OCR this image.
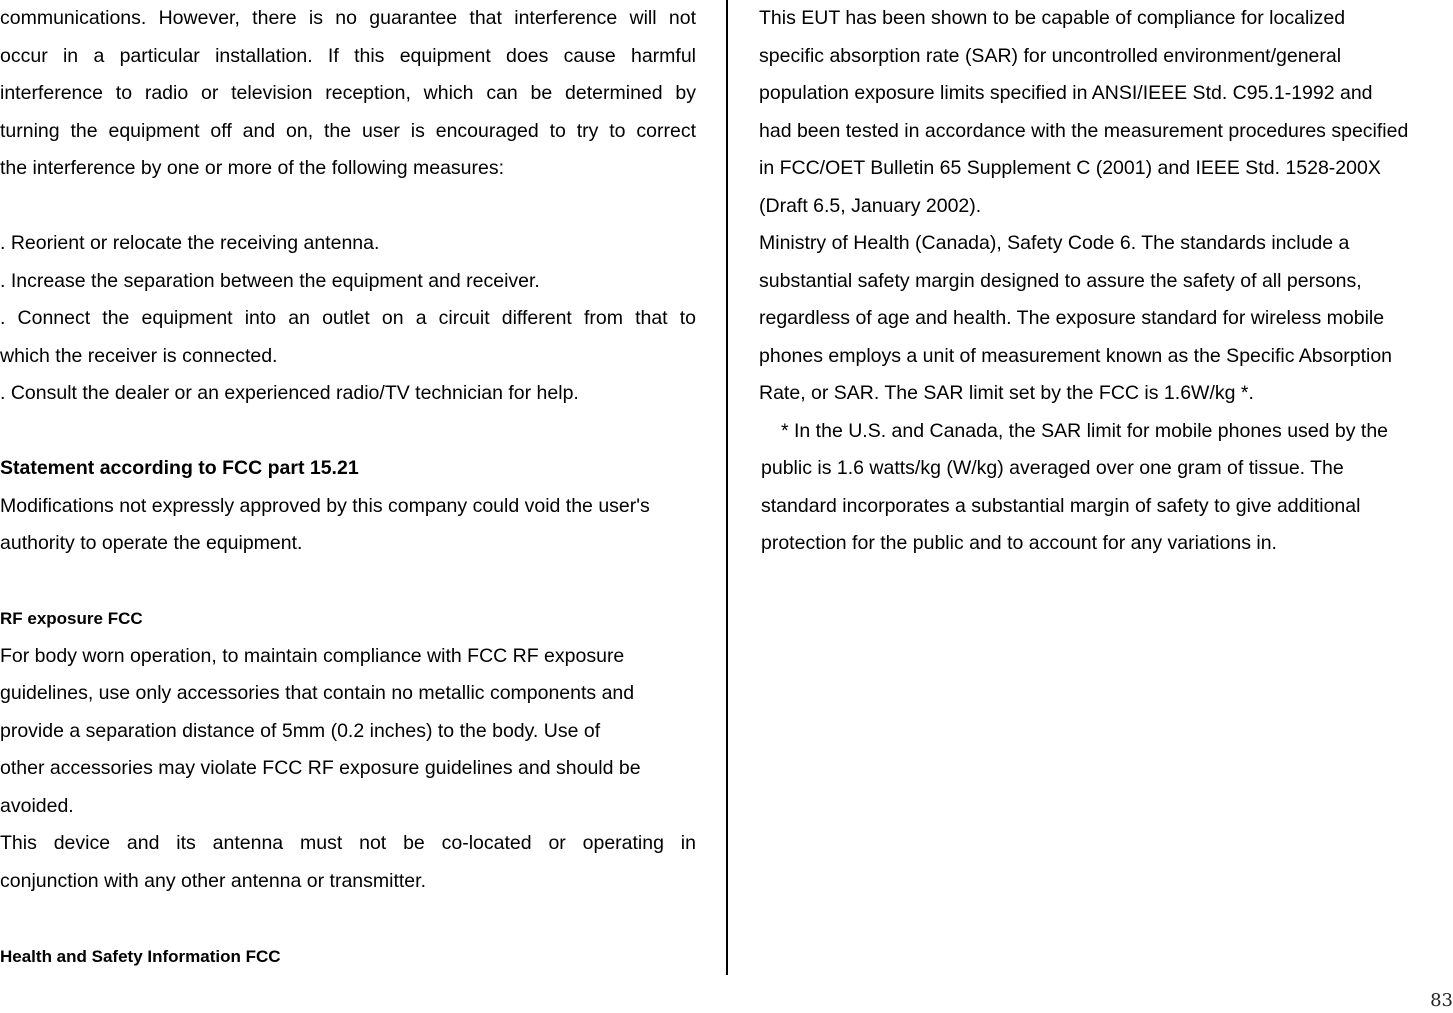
communications. However, there is no guarantee that interference will not
occur in a particular installation. If this equipment does cause harmful
interference to radio or television reception, which can be determined by
turning the equipment off and on, the user is encouraged to try to correct
the interference by one or more of the following measures:
. Reorient or relocate the receiving antenna.
. Increase the separation between the equipment and receiver.
. Connect the equipment into an outlet on a circuit different from that to
which the receiver is connected.
. Consult the dealer or an experienced radio/TV technician for help.
Statement according to FCC part 15.21
Modifications not expressly approved by this company could void the user's
authority to operate the equipment.
RF exposure FCC
For body worn operation, to maintain compliance with FCC RF exposure
guidelines, use only accessories that contain no metallic components and
provide a separation distance of 5mm (0.2 inches) to the body. Use of
other accessories may violate FCC RF exposure guidelines and should be
avoided.
This device and its antenna must not be co-located or operating in
conjunction with any other antenna or transmitter.
Health and Safety Information FCC
This EUT has been shown to be capable of compliance for localized
specific absorption rate (SAR) for uncontrolled environment/general
population exposure limits specified in ANSI/IEEE Std. C95.1-1992 and
had been tested in accordance with the measurement procedures specified
in FCC/OET Bulletin 65 Supplement C (2001) and IEEE Std. 1528-200X
(Draft 6.5, January 2002).
Ministry of Health (Canada), Safety Code 6. The standards include a
substantial safety margin designed to assure the safety of all persons,
regardless of age and health. The exposure standard for wireless mobile
phones employs a unit of measurement known as the Specific Absorption
Rate, or SAR. The SAR limit set by the FCC is 1.6W/kg *.
* In the U.S. and Canada, the SAR limit for mobile phones used by the
public is 1.6 watts/kg (W/kg) averaged over one gram of tissue. The
standard incorporates a substantial margin of safety to give additional
protection for the public and to account for any variations in.
83
